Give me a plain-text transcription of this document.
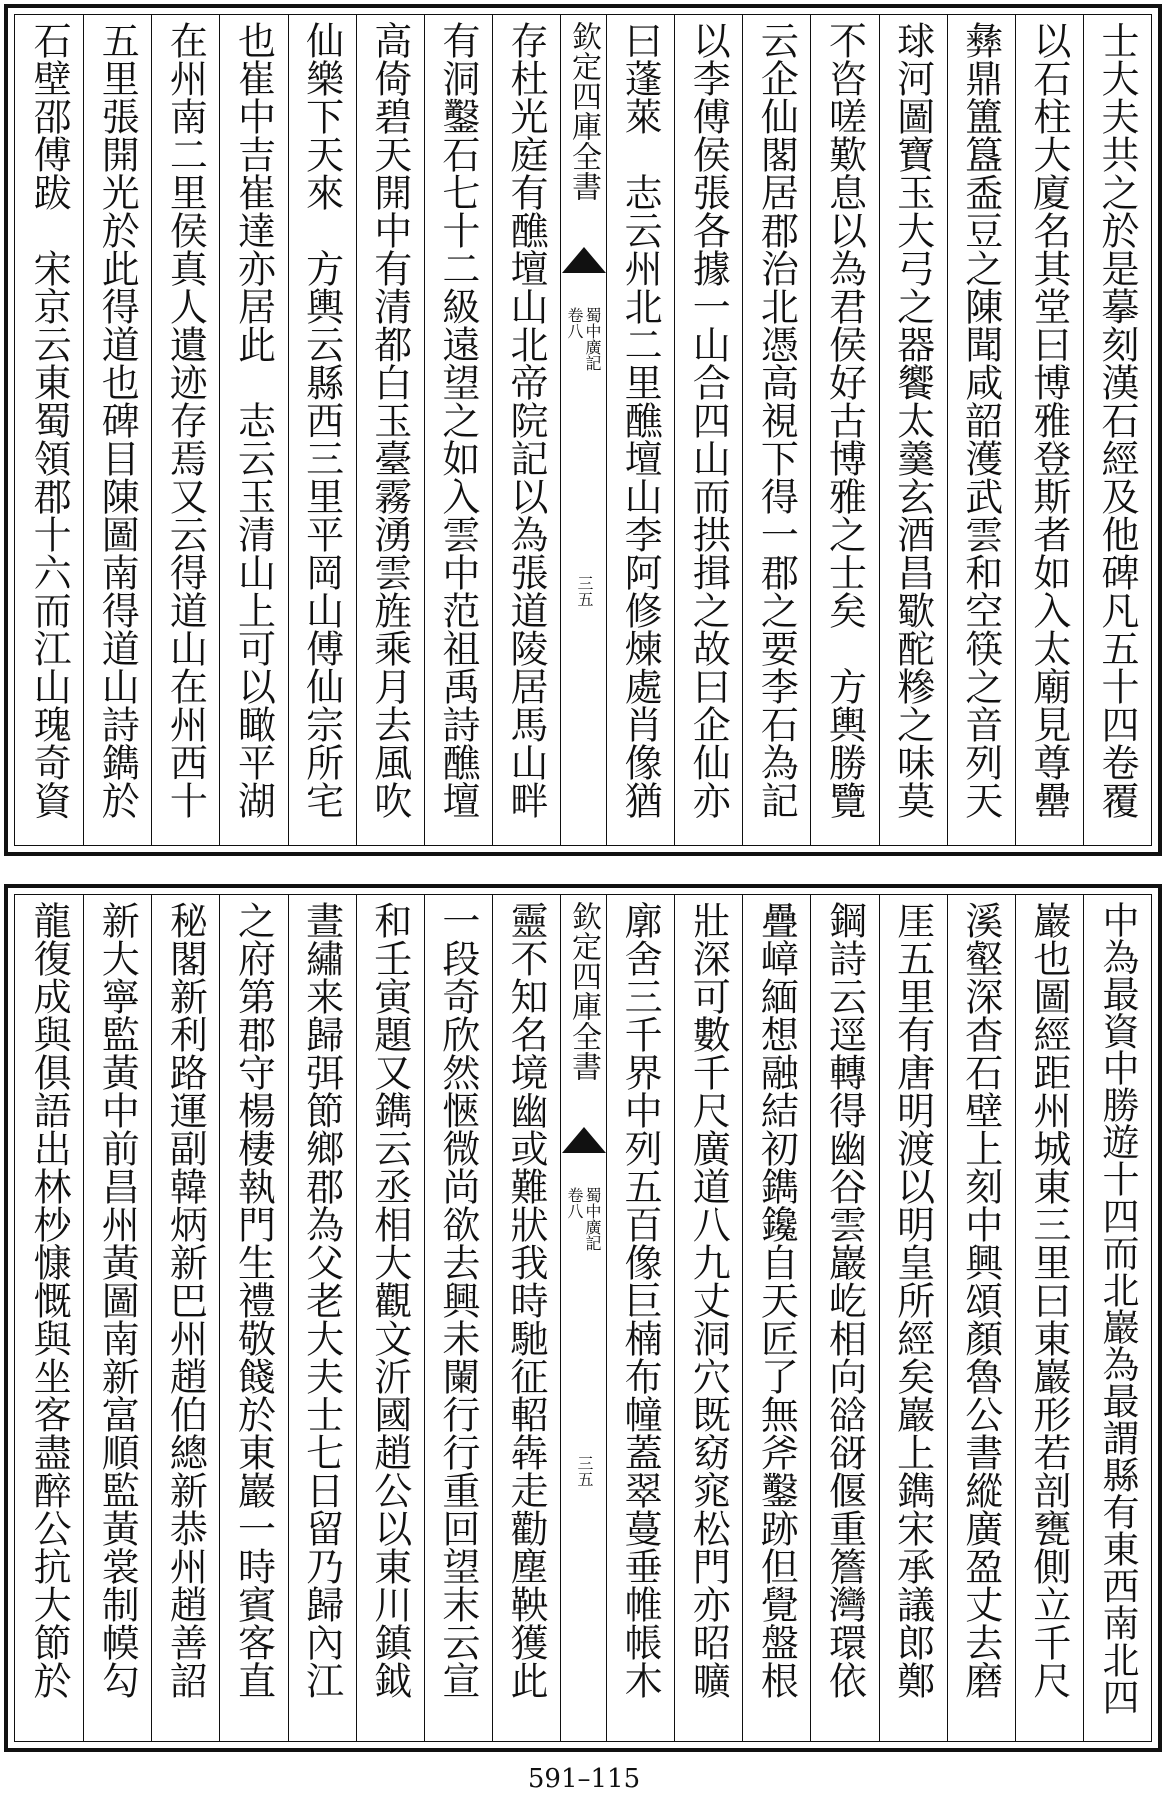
士大夫共之於是摹刻漢石經及他碑凡五十四卷覆
以石柱大廈名其堂曰博雅登斯者如入太廟見尊罍
彝鼎簠簋盉豆之陳聞咸韶濩武雲和空筷之音列天
球河圖寶玉大弓之器饗太羹玄酒昌歜酡糝之味莫
不咨嗟歎息以為君侯好古博雅之士矣　方輿勝覽
云企仙閣居郡治北憑高視下得一郡之要李石為記
以李傅侯張各據一山合四山而拱揖之故曰企仙亦
曰蓬萊　志云州北二里醮壇山李阿修煉處肖像猶
欽定四庫全書
蜀中廣記
卷八
三五
存杜光庭有醮壇山北帝院記以為張道陵居馬山畔
有洞鑿石七十二級遠望之如入雲中范祖禹詩醮壇
高倚碧天開中有清都白玉臺霧湧雲旌乘月去風吹
仙樂下天來　方輿云縣西三里平岡山傅仙宗所宅
也崔中吉崔達亦居此　志云玉清山上可以瞰平湖
在州南二里侯真人遺迹存焉又云得道山在州西十
五里張開光於此得道也碑目陳圖南得道山詩鐫於
石壁邵傅跋　宋京云東蜀領郡十六而江山瑰奇資
中為最資中勝遊十四而北巖為最謂縣有東西南北四
巖也圖經距州城東三里曰東巖形若剖甕側立千尺
溪壑深杳石壁上刻中興頌顏魯公書縱廣盈丈去磨
厓五里有唐明渡以明皇所經矣巖上鐫宋承議郎鄭
鋼詩云逕轉得幽谷雲巖屹相向谽谺偃重簷灣環依
疊嶂緬想融結初鐫鑱自天匠了無斧鑿跡但覺盤根
壯深可數千尺廣道八九丈洞穴既窈窕松門亦昭曠
廓舍三千界中列五百像巨楠布幢蓋翠蔓垂帷帳木
欽定四庫全書
蜀中廣記
卷八
三五
靈不知名境幽或難狀我時馳征軺犇走勸塵鞅獲此
一段奇欣然愜微尚欲去興未闌行行重回望末云宣
和壬寅題又鐫云丞相大觀文沂國趙公以東川鎮鉞
晝繡来歸弭節鄉郡為父老大夫士七日留乃歸內江
之府第郡守楊棲執門生禮敬餞於東巖一時賓客直
秘閣新利路運副韓炳新巴州趙伯總新恭州趙善詔
新大寧監黃中前昌州黃圖南新富順監黃裳制幙勾
龍復成與俱語出林杪慷慨與坐客盡醉公抗大節於
591–115
